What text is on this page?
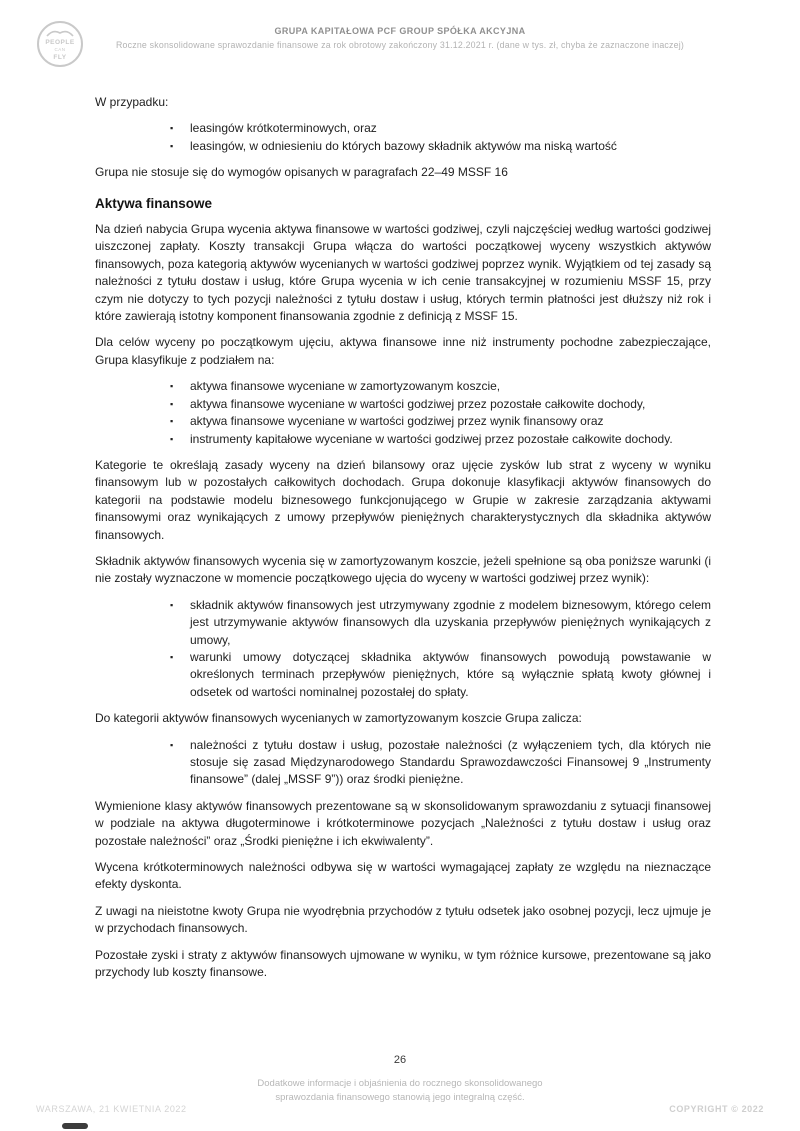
PEOPLE
CAN
FLY
GRUPA KAPITAŁOWA PCF GROUP SPÓŁKA AKCYJNA
Roczne skonsolidowane sprawozdanie finansowe za rok obrotowy zakończony 31.12.2021 r. (dane w tys. zł, chyba że zaznaczone inaczej)

W przypadku:

▪ leasingów krótkoterminowych, oraz
▪ leasingów, w odniesieniu do których bazowy składnik aktywów ma niską wartość

Grupa nie stosuje się do wymogów opisanych w paragrafach 22–49 MSSF 16

Aktywa finansowe

Na dzień nabycia Grupa wycenia aktywa finansowe w wartości godziwej, czyli najczęściej według wartości godziwej uiszczonej zapłaty. Koszty transakcji Grupa włącza do wartości początkowej wyceny wszystkich aktywów finansowych, poza kategorią aktywów wycenianych w wartości godziwej poprzez wynik. Wyjątkiem od tej zasady są należności z tytułu dostaw i usług, które Grupa wycenia w ich cenie transakcyjnej w rozumieniu MSSF 15, przy czym nie dotyczy to tych pozycji należności z tytułu dostaw i usług, których termin płatności jest dłuższy niż rok i które zawierają istotny komponent finansowania zgodnie z definicją z MSSF 15.

Dla celów wyceny po początkowym ujęciu, aktywa finansowe inne niż instrumenty pochodne zabezpieczające, Grupa klasyfikuje z podziałem na:

▪ aktywa finansowe wyceniane w zamortyzowanym koszcie,
▪ aktywa finansowe wyceniane w wartości godziwej przez pozostałe całkowite dochody,
▪ aktywa finansowe wyceniane w wartości godziwej przez wynik finansowy oraz
▪ instrumenty kapitałowe wyceniane w wartości godziwej przez pozostałe całkowite dochody.

Kategorie te określają zasady wyceny na dzień bilansowy oraz ujęcie zysków lub strat z wyceny w wyniku finansowym lub w pozostałych całkowitych dochodach. Grupa dokonuje klasyfikacji aktywów finansowych do kategorii na podstawie modelu biznesowego funkcjonującego w Grupie w zakresie zarządzania aktywami finansowymi oraz wynikających z umowy przepływów pieniężnych charakterystycznych dla składnika aktywów finansowych.

Składnik aktywów finansowych wycenia się w zamortyzowanym koszcie, jeżeli spełnione są oba poniższe warunki (i nie zostały wyznaczone w momencie początkowego ujęcia do wyceny w wartości godziwej przez wynik):

▪ składnik aktywów finansowych jest utrzymywany zgodnie z modelem biznesowym, którego celem jest utrzymywanie aktywów finansowych dla uzyskania przepływów pieniężnych wynikających z umowy,
▪ warunki umowy dotyczącej składnika aktywów finansowych powodują powstawanie w określonych terminach przepływów pieniężnych, które są wyłącznie spłatą kwoty głównej i odsetek od wartości nominalnej pozostałej do spłaty.

Do kategorii aktywów finansowych wycenianych w zamortyzowanym koszcie Grupa zalicza:

▪ należności z tytułu dostaw i usług, pozostałe należności (z wyłączeniem tych, dla których nie stosuje się zasad Międzynarodowego Standardu Sprawozdawczości Finansowej 9 „Instrumenty finansowe” (dalej „MSSF 9”)) oraz środki pieniężne.

Wymienione klasy aktywów finansowych prezentowane są w skonsolidowanym sprawozdaniu z sytuacji finansowej w podziale na aktywa długoterminowe i krótkoterminowe pozycjach „Należności z tytułu dostaw i usług oraz pozostałe należności” oraz „Środki pieniężne i ich ekwiwalenty”.

Wycena krótkoterminowych należności odbywa się w wartości wymagającej zapłaty ze względu na nieznaczące efekty dyskonta.

Z uwagi na nieistotne kwoty Grupa nie wyodrębnia przychodów z tytułu odsetek jako osobnej pozycji, lecz ujmuje je w przychodach finansowych.

Pozostałe zyski i straty z aktywów finansowych ujmowane w wyniku, w tym różnice kursowe, prezentowane są jako przychody lub koszty finansowe.

26
Dodatkowe informacje i objaśnienia do rocznego skonsolidowanego
sprawozdania finansowego stanowią jego integralną część.
WARSZAWA, 21 KWIETNIA 2022	COPYRIGHT © 2022
